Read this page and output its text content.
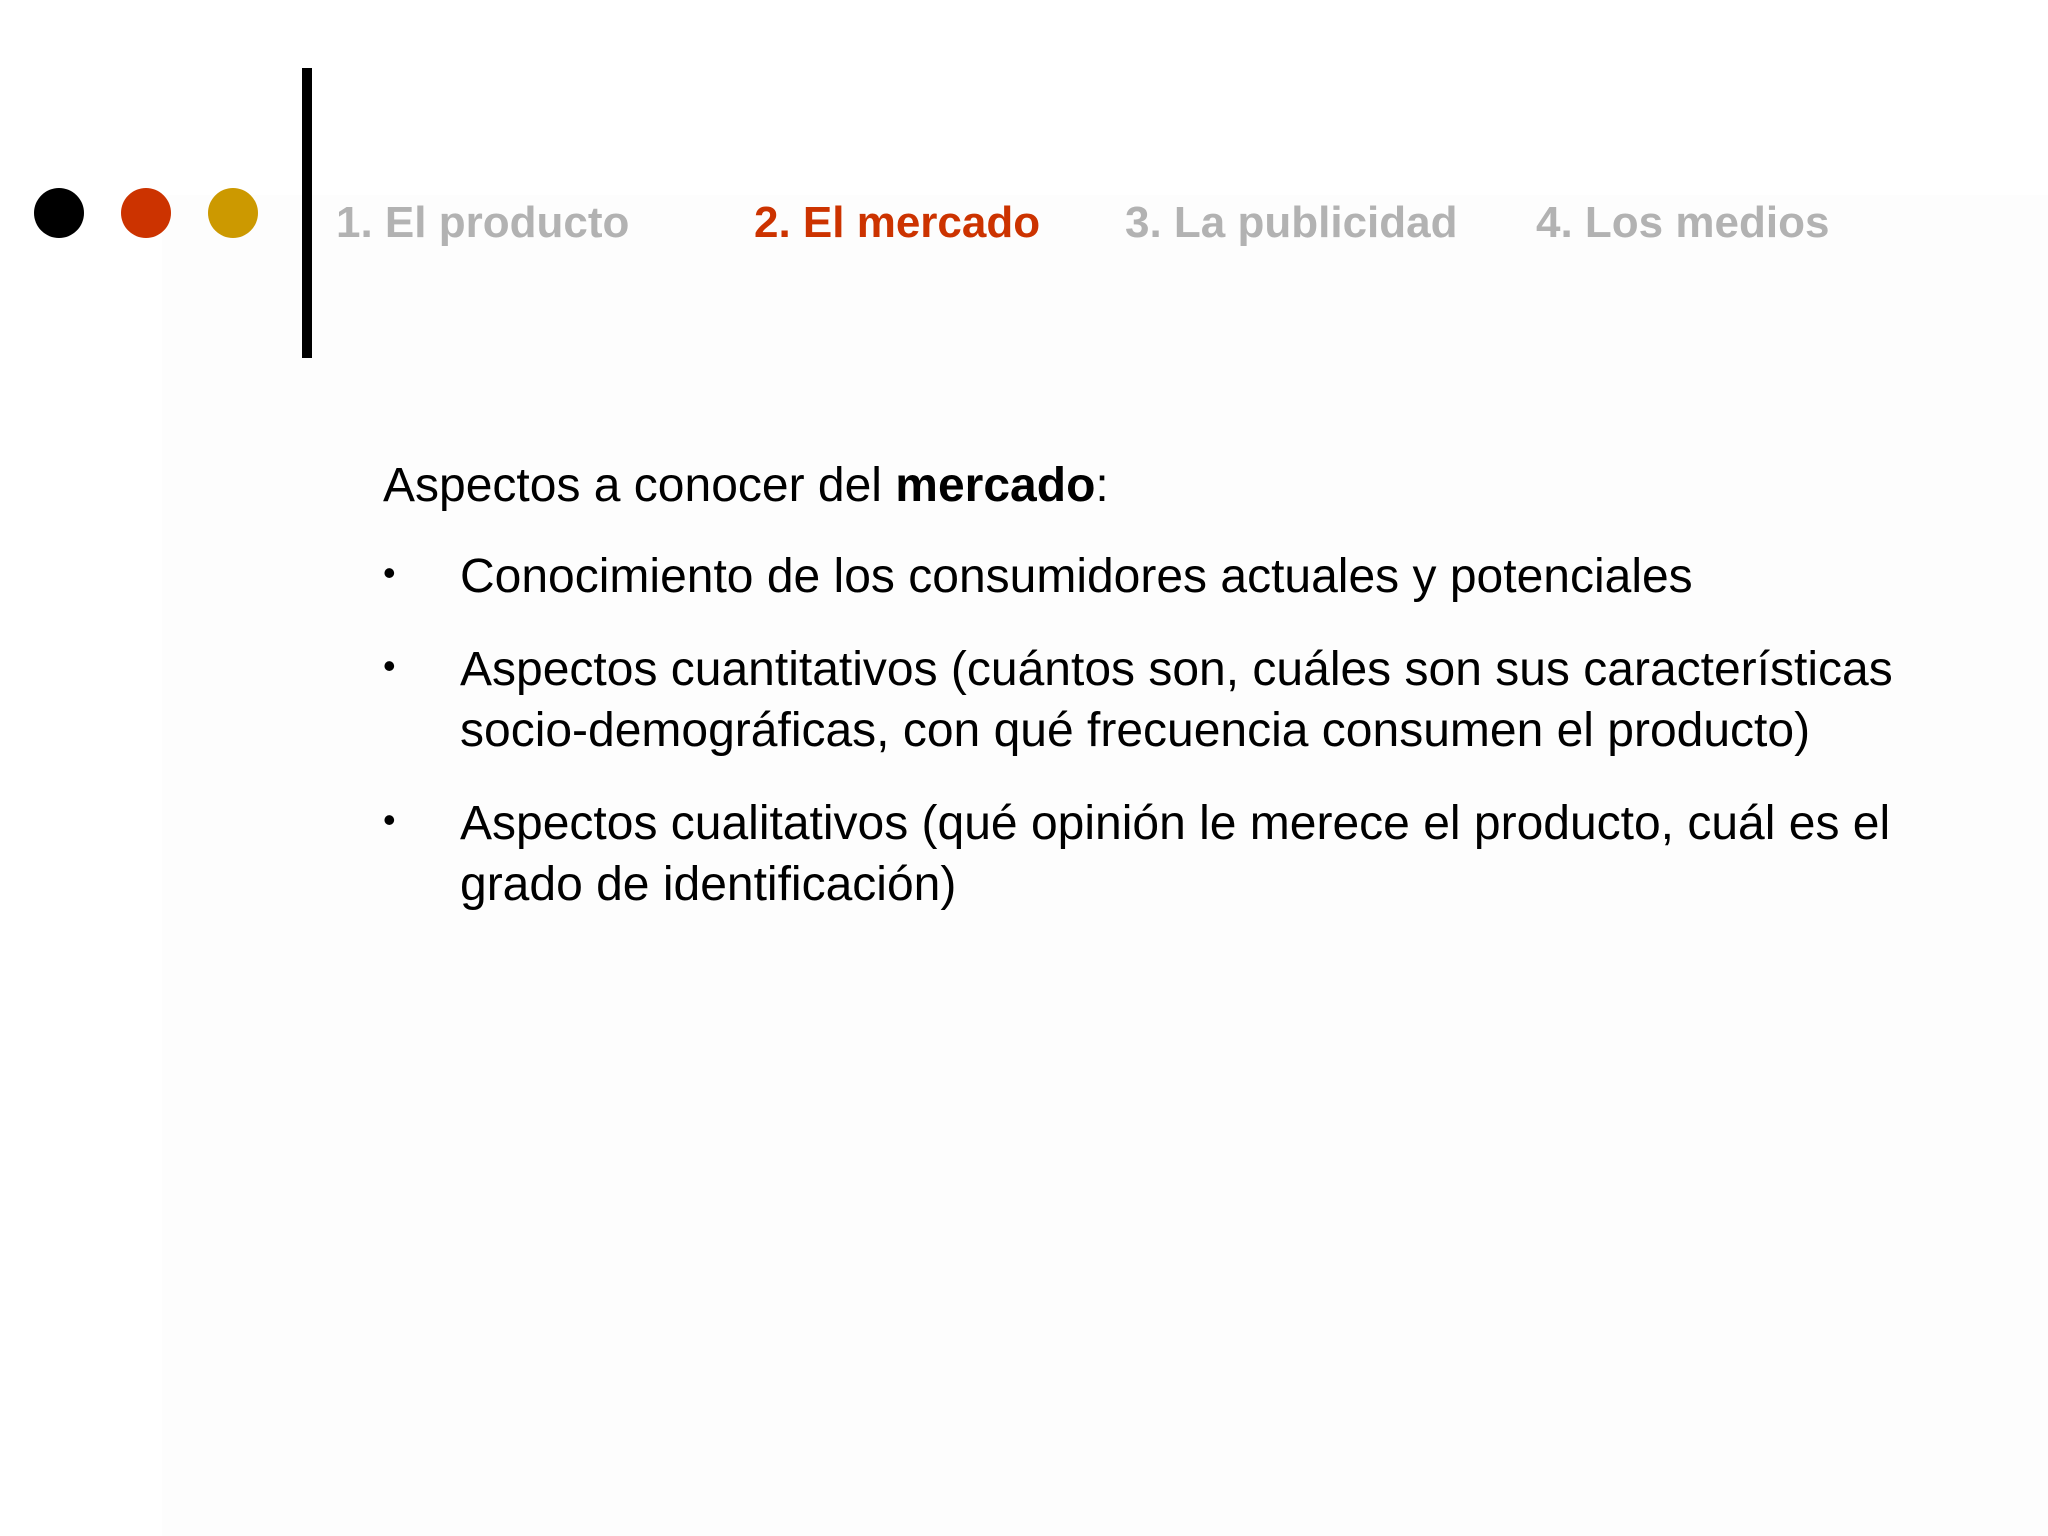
1. El producto	2. El mercado 3. La publicidad 4. Los medios

Aspectos a conocer del mercado:

• Conocimiento de los consumidores actuales y potenciales
• Aspectos cuantitativos (cuántos son, cuáles son sus características socio-demográficas, con qué frecuencia consumen el producto)
• Aspectos cualitativos (qué opinión le merece el producto, cuál es el grado de identificación)
